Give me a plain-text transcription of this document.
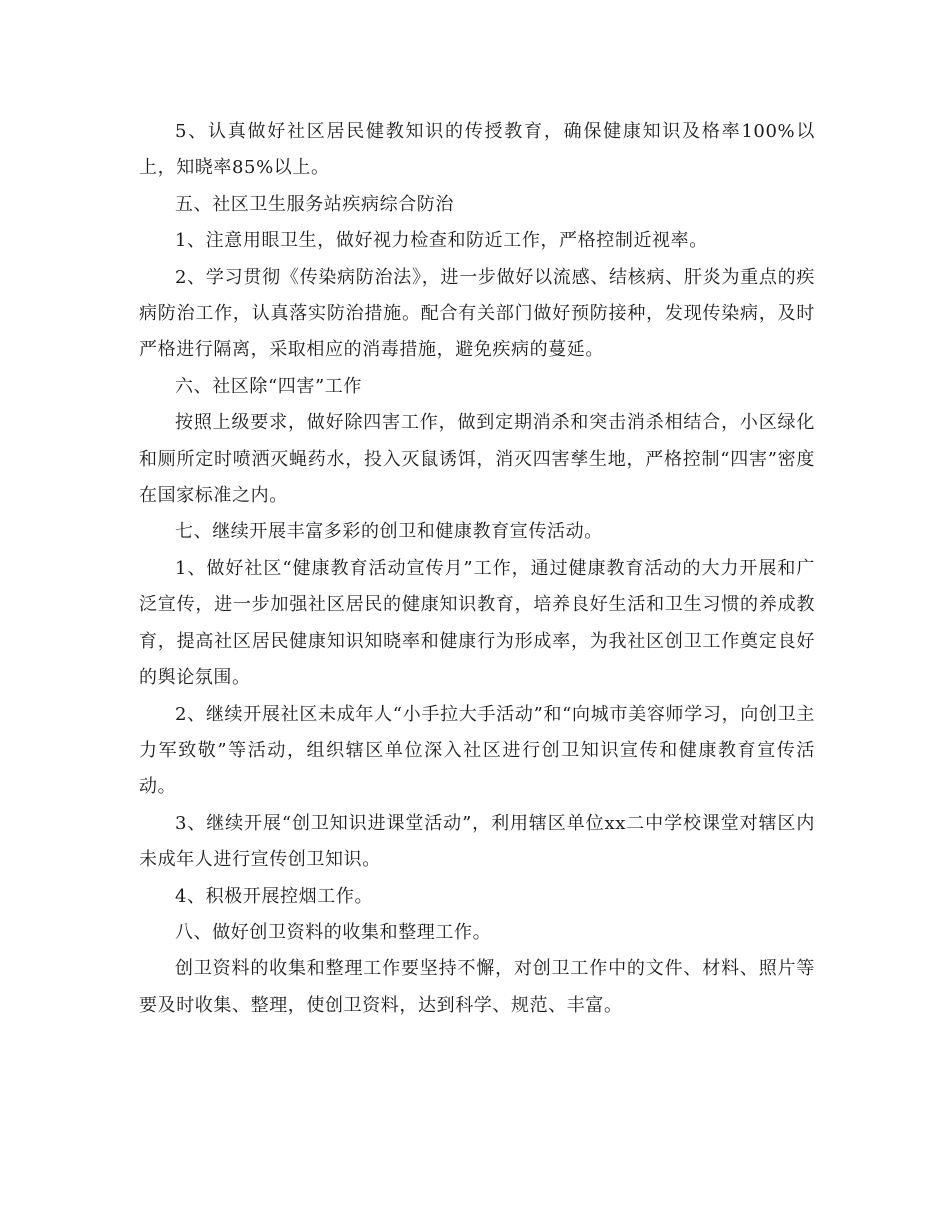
5、认真做好社区居民健教知识的传授教育，确保健康知识及格率100%以上，知晓率85%以上。

五、社区卫生服务站疾病综合防治

1、注意用眼卫生，做好视力检查和防近工作，严格控制近视率。

2、学习贯彻《传染病防治法》，进一步做好以流感、结核病、肝炎为重点的疾病防治工作，认真落实防治措施。配合有关部门做好预防接种，发现传染病，及时严格进行隔离，采取相应的消毒措施，避免疾病的蔓延。

六、社区除“四害”工作

按照上级要求，做好除四害工作，做到定期消杀和突击消杀相结合，小区绿化和厕所定时喷洒灭蝇药水，投入灭鼠诱饵，消灭四害孳生地，严格控制“四害”密度在国家标准之内。

七、继续开展丰富多彩的创卫和健康教育宣传活动。

1、做好社区“健康教育活动宣传月”工作，通过健康教育活动的大力开展和广泛宣传，进一步加强社区居民的健康知识教育，培养良好生活和卫生习惯的养成教育，提高社区居民健康知识知晓率和健康行为形成率，为我社区创卫工作奠定良好的舆论氛围。

2、继续开展社区未成年人“小手拉大手活动”和“向城市美容师学习，向创卫主力军致敬”等活动，组织辖区单位深入社区进行创卫知识宣传和健康教育宣传活动。

3、继续开展“创卫知识进课堂活动”，利用辖区单位xx二中学校课堂对辖区内未成年人进行宣传创卫知识。

4、积极开展控烟工作。

八、做好创卫资料的收集和整理工作。

创卫资料的收集和整理工作要坚持不懈，对创卫工作中的文件、材料、照片等要及时收集、整理，使创卫资料，达到科学、规范、丰富。
